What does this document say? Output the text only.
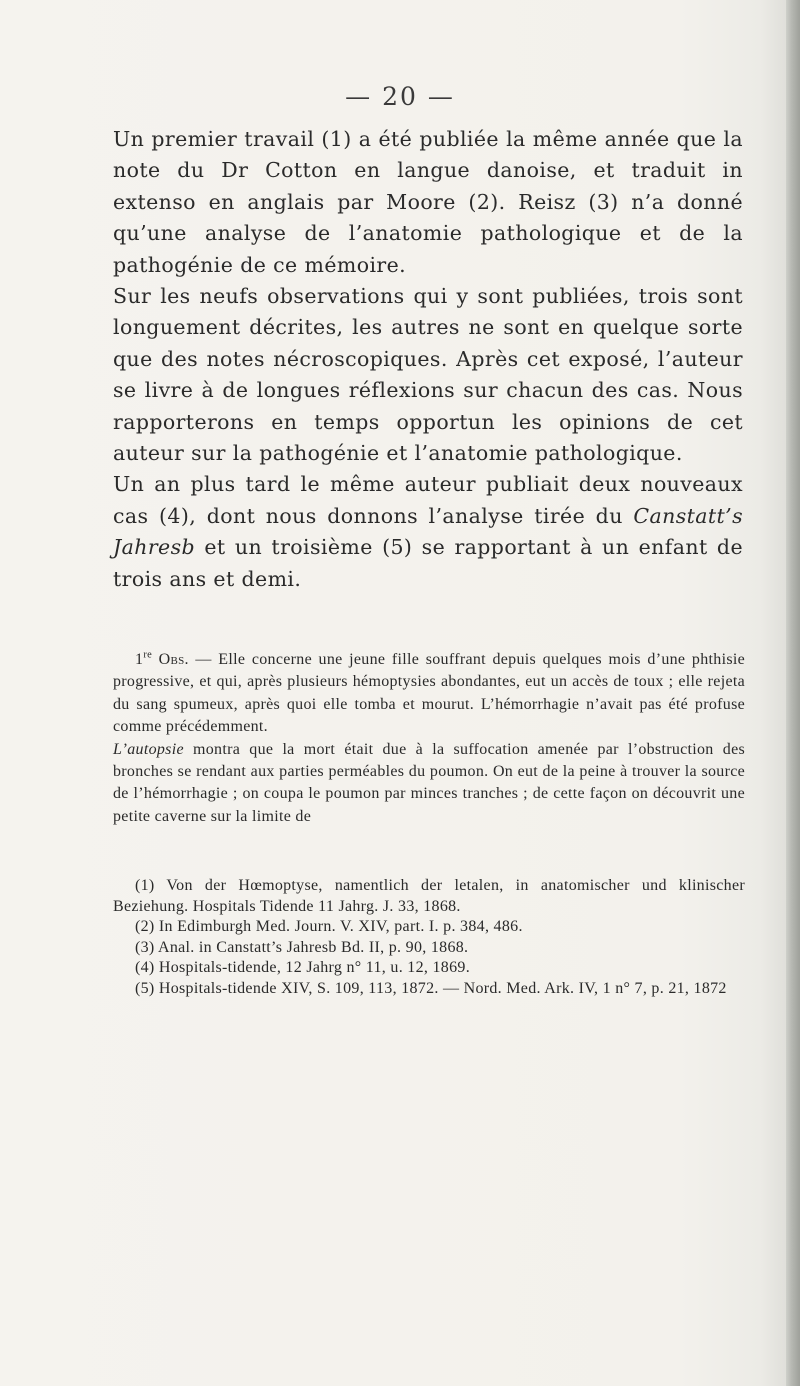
— 20 —

Un premier travail (1) a été publiée la même année que la note du Dr Cotton en langue danoise, et traduit in extenso en anglais par Moore (2). Reisz (3) n’a donné qu’une analyse de l’anatomie pathologique et de la pathogénie de ce mémoire.

Sur les neufs observations qui y sont publiées, trois sont longuement décrites, les autres ne sont en quelque sorte que des notes nécroscopiques. Après cet exposé, l’auteur se livre à de longues réflexions sur chacun des cas. Nous rapporterons en temps opportun les opinions de cet auteur sur la pathogénie et l’anatomie pathologique.

Un an plus tard le même auteur publiait deux nouveaux cas (4), dont nous donnons l’analyse tirée du Canstatt’s Jahresb et un troisième (5) se rapportant à un enfant de trois ans et demi.

1re Obs. — Elle concerne une jeune fille souffrant depuis quelques mois d’une phthisie progressive, et qui, après plusieurs hémoptysies abondantes, eut un accès de toux ; elle rejeta du sang spumeux, après quoi elle tomba et mourut. L’hémorrhagie n’avait pas été profuse comme précédemment.
L’autopsie montra que la mort était due à la suffocation amenée par l’obstruction des bronches se rendant aux parties perméables du poumon. On eut de la peine à trouver la source de l’hémorrhagie ; on coupa le poumon par minces tranches ; de cette façon on découvrit une petite caverne sur la limite de

(1) Von der Hœmoptyse, namentlich der letalen, in anatomischer und klinischer Beziehung. Hospitals Tidende 11 Jahrg. J. 33, 1868.

(2) In Edimburgh Med. Journ. V. XIV, part. I. p. 384, 486.

(3) Anal. in Canstatt’s Jahresb Bd. II, p. 90, 1868.

(4) Hospitals-tidende, 12 Jahrg n° 11, u. 12, 1869.

(5) Hospitals-tidende XIV, S. 109, 113, 1872. — Nord. Med. Ark. IV, 1 n° 7, p. 21, 1872
